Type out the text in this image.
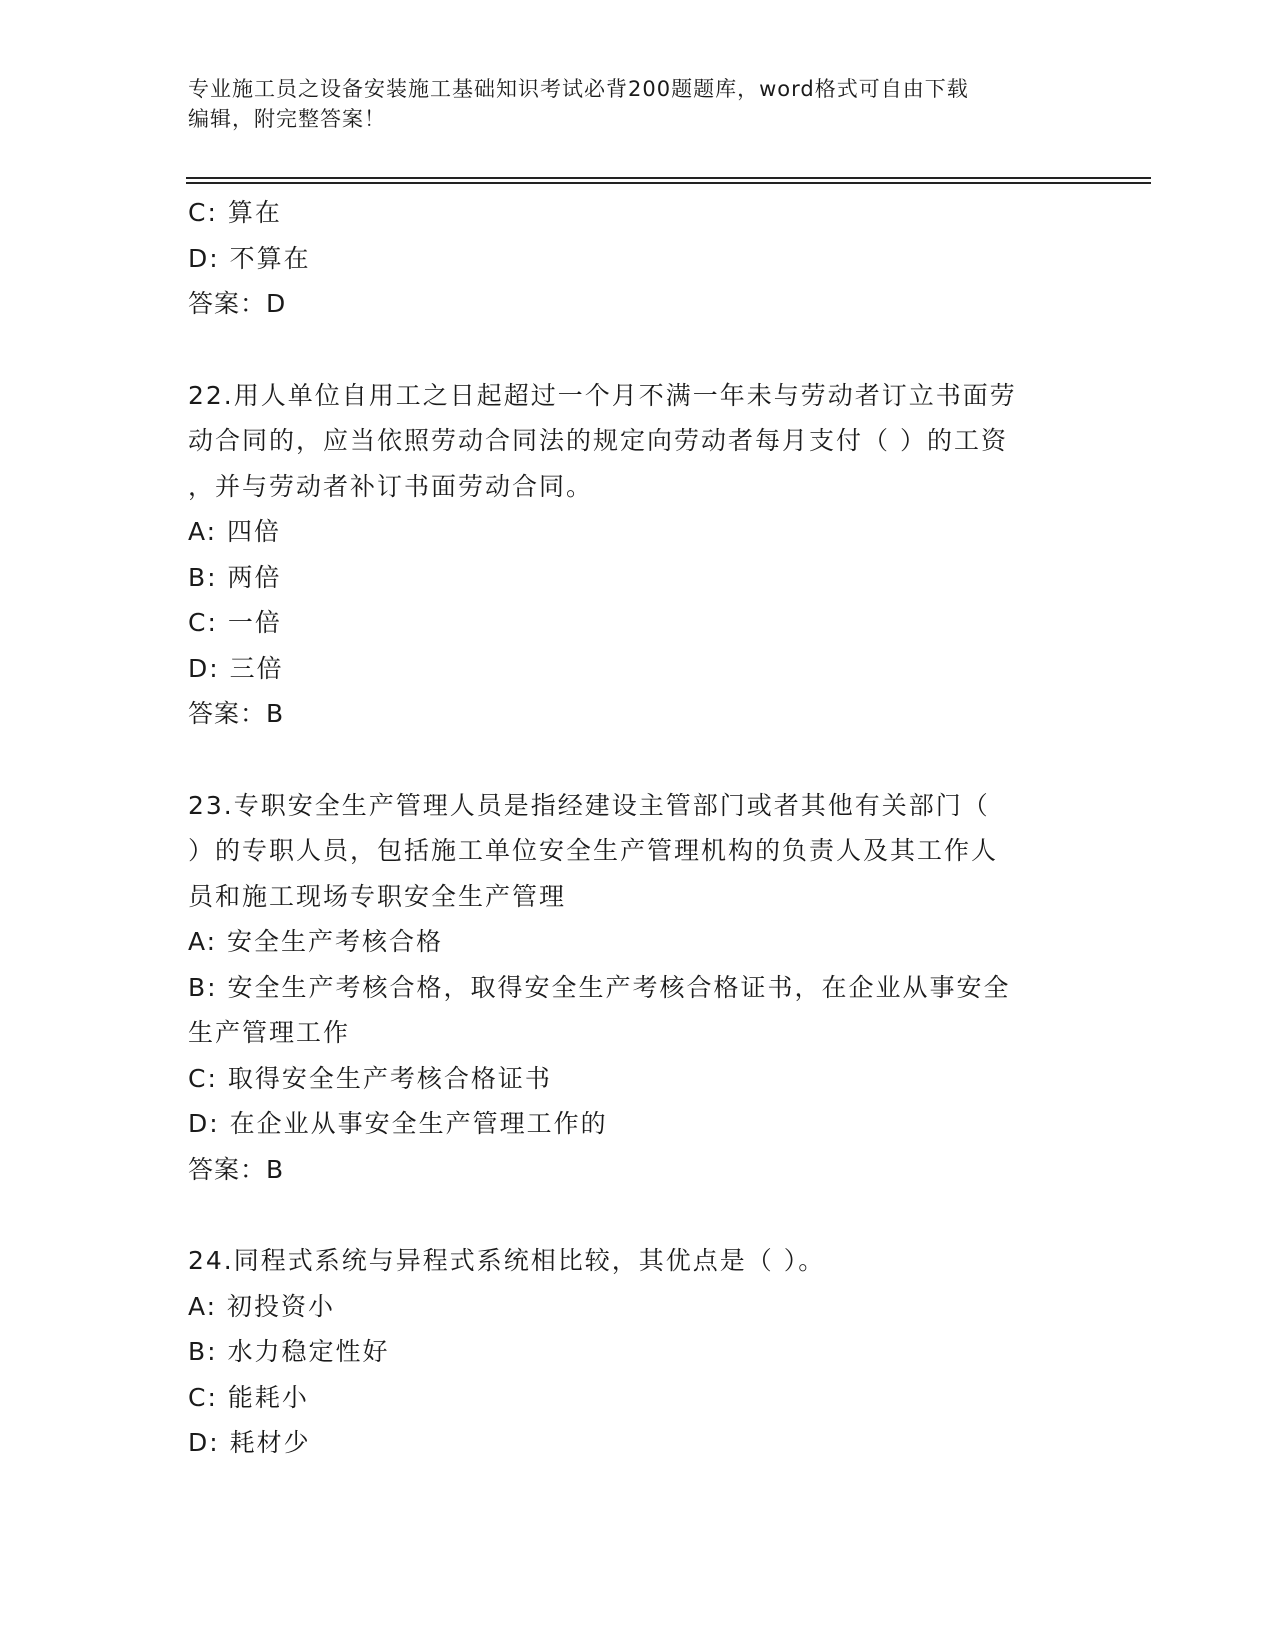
专业施工员之设备安装施工基础知识考试必背200题题库，word格式可自由下载
编辑，附完整答案！
C: 算在
D: 不算在
答案：D
22.用人单位自用工之日起超过一个月不满一年未与劳动者订立书面劳
动合同的，应当依照劳动合同法的规定向劳动者每月支付（ ）的工资
，并与劳动者补订书面劳动合同。
A: 四倍
B: 两倍
C: 一倍
D: 三倍
答案：B
23.专职安全生产管理人员是指经建设主管部门或者其他有关部门（
）的专职人员，包括施工单位安全生产管理机构的负责人及其工作人
员和施工现场专职安全生产管理
A: 安全生产考核合格
B: 安全生产考核合格，取得安全生产考核合格证书，在企业从事安全
生产管理工作
C: 取得安全生产考核合格证书
D: 在企业从事安全生产管理工作的
答案：B
24.同程式系统与异程式系统相比较，其优点是（ ）。
A: 初投资小
B: 水力稳定性好
C: 能耗小
D: 耗材少
